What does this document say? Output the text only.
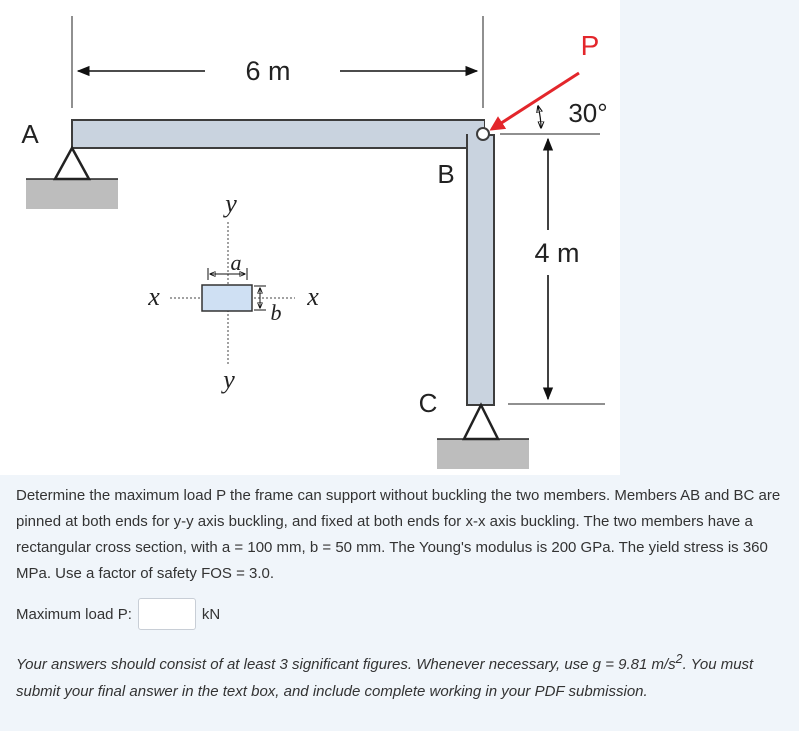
6 m
A
B
C
4 m
P
30°
a
b
y
y
x	x
Determine the maximum load P the frame can support without buckling the two members. Members AB and BC are pinned at both ends for y-y axis buckling, and fixed at both ends for x-x axis buckling. The two members have a rectangular cross section, with a = 100 mm, b = 50 mm. The Young's modulus is 200 GPa. The yield stress is 360 MPa. Use a factor of safety FOS = 3.0.
Maximum load P:	kN
Your answers should consist of at least 3 significant figures. Whenever necessary, use g = 9.81 $m/s^2$. You must submit your final answer in the text box, and include complete working in your PDF submission.
